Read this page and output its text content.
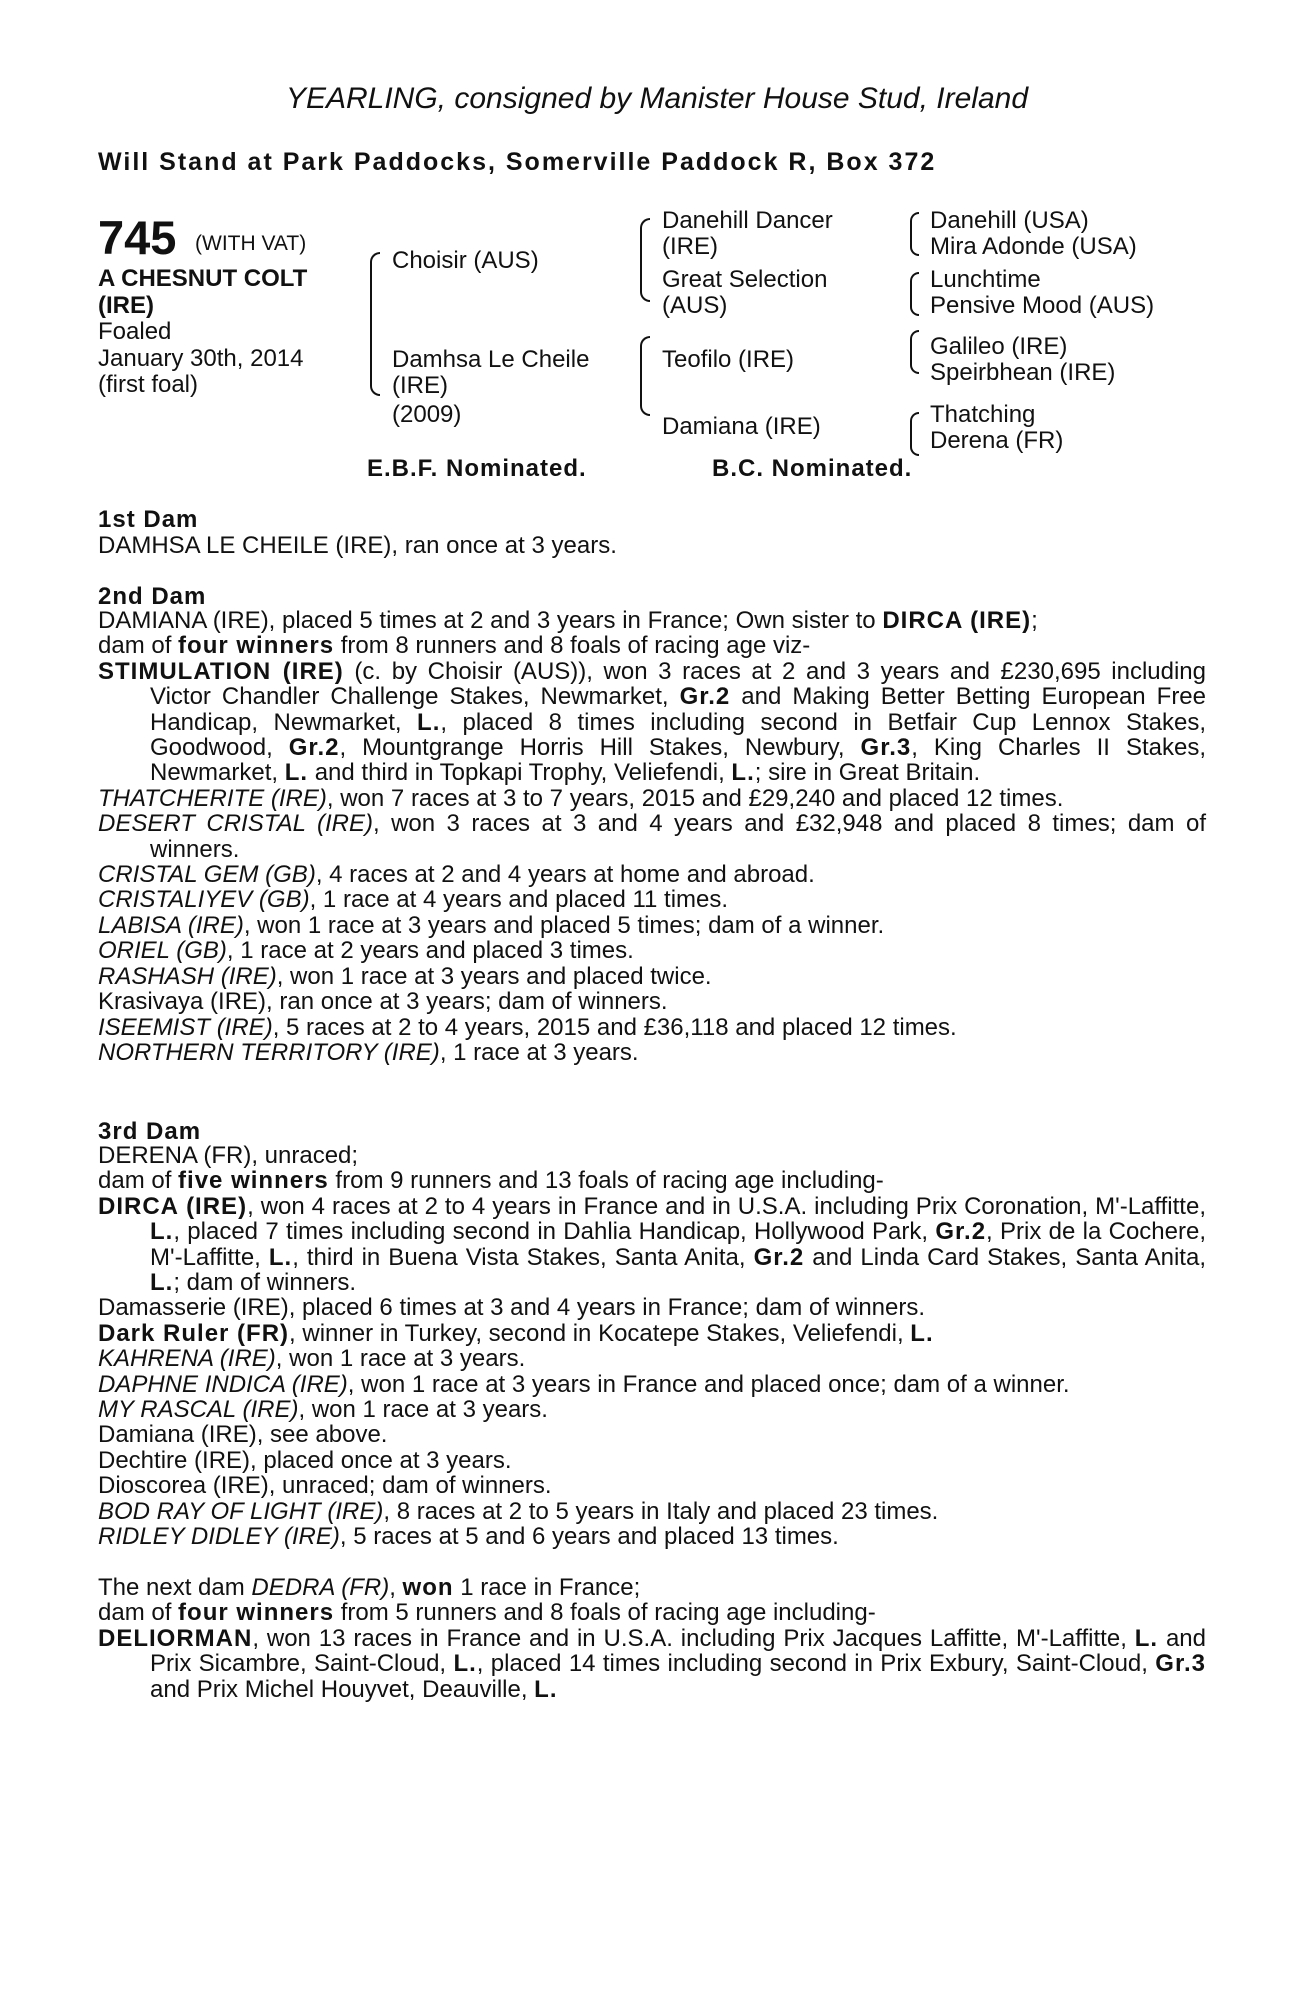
YEARLING, consigned by Manister House Stud, Ireland
Will Stand at Park Paddocks, Somerville Paddock R, Box 372
745 (WITH VAT)
A CHESNUT COLT
(IRE)
Foaled
January 30th, 2014
(first foal)
Choisir (AUS)
Damhsa Le Cheile
(IRE)
(2009)
Danehill Dancer
(IRE)
Great Selection
(AUS)
Teofilo (IRE)
Damiana (IRE)
Danehill (USA)
Mira Adonde (USA)
Lunchtime
Pensive Mood (AUS)
Galileo (IRE)
Speirbhean (IRE)
Thatching
Derena (FR)
E.B.F. Nominated.	B.C. Nominated.
1st Dam
DAMHSA LE CHEILE (IRE), ran once at 3 years.
2nd Dam

DAMIANA (IRE), placed 5 times at 2 and 3 years in France; Own sister to DIRCA (IRE);

dam of four winners from 8 runners and 8 foals of racing age viz-

STIMULATION (IRE) (c. by Choisir (AUS)), won 3 races at 2 and 3 years and £230,695 including Victor Chandler Challenge Stakes, Newmarket, Gr.2 and Making Better Betting European Free Handicap, Newmarket, L., placed 8 times including second in Betfair Cup Lennox Stakes, Goodwood, Gr.2, Mountgrange Horris Hill Stakes, Newbury, Gr.3, King Charles II Stakes, Newmarket, L. and third in Topkapi Trophy, Veliefendi, L.; sire in Great Britain.

THATCHERITE (IRE), won 7 races at 3 to 7 years, 2015 and £29,240 and placed 12 times.

DESERT CRISTAL (IRE), won 3 races at 3 and 4 years and £32,948 and placed 8 times; dam of winners.

CRISTAL GEM (GB), 4 races at 2 and 4 years at home and abroad.

CRISTALIYEV (GB), 1 race at 4 years and placed 11 times.

LABISA (IRE), won 1 race at 3 years and placed 5 times; dam of a winner.

ORIEL (GB), 1 race at 2 years and placed 3 times.

RASHASH (IRE), won 1 race at 3 years and placed twice.

Krasivaya (IRE), ran once at 3 years; dam of winners.

ISEEMIST (IRE), 5 races at 2 to 4 years, 2015 and £36,118 and placed 12 times.

NORTHERN TERRITORY (IRE), 1 race at 3 years.

3rd Dam

DERENA (FR), unraced;

dam of five winners from 9 runners and 13 foals of racing age including-

DIRCA (IRE), won 4 races at 2 to 4 years in France and in U.S.A. including Prix Coronation, M'-Laffitte, L., placed 7 times including second in Dahlia Handicap, Hollywood Park, Gr.2, Prix de la Cochere, M'-Laffitte, L., third in Buena Vista Stakes, Santa Anita, Gr.2 and Linda Card Stakes, Santa Anita, L.; dam of winners.

Damasserie (IRE), placed 6 times at 3 and 4 years in France; dam of winners.

Dark Ruler (FR), winner in Turkey, second in Kocatepe Stakes, Veliefendi, L.

KAHRENA (IRE), won 1 race at 3 years.

DAPHNE INDICA (IRE), won 1 race at 3 years in France and placed once; dam of a winner.

MY RASCAL (IRE), won 1 race at 3 years.

Damiana (IRE), see above.

Dechtire (IRE), placed once at 3 years.

Dioscorea (IRE), unraced; dam of winners.

BOD RAY OF LIGHT (IRE), 8 races at 2 to 5 years in Italy and placed 23 times.

RIDLEY DIDLEY (IRE), 5 races at 5 and 6 years and placed 13 times.

The next dam DEDRA (FR), won 1 race in France;

dam of four winners from 5 runners and 8 foals of racing age including-

DELIORMAN, won 13 races in France and in U.S.A. including Prix Jacques Laffitte, M'-Laffitte, L. and Prix Sicambre, Saint-Cloud, L., placed 14 times including second in Prix Exbury, Saint-Cloud, Gr.3 and Prix Michel Houyvet, Deauville, L.
